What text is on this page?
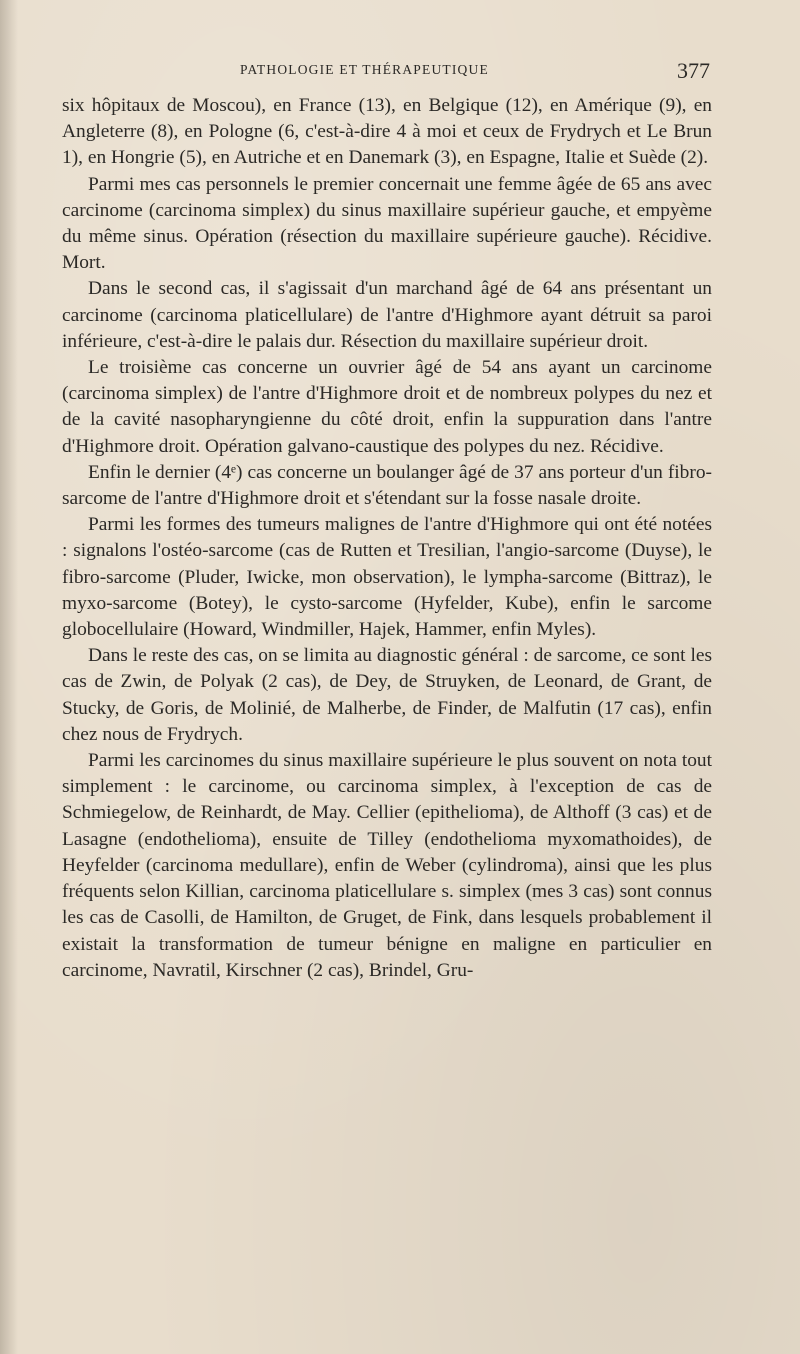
PATHOLOGIE ET THÉRAPEUTIQUE	377

six hôpitaux de Moscou), en France (13), en Belgique (12), en Amérique (9), en Angleterre (8), en Pologne (6, c'est-à-dire 4 à moi et ceux de Frydrych et Le Brun 1), en Hongrie (5), en Autriche et en Danemark (3), en Espagne, Italie et Suède (2).

Parmi mes cas personnels le premier concernait une femme âgée de 65 ans avec carcinome (carcinoma simplex) du sinus maxillaire supérieur gauche, et empyème du même sinus. Opération (résection du maxillaire supérieure gauche). Récidive. Mort.

Dans le second cas, il s'agissait d'un marchand âgé de 64 ans présentant un carcinome (carcinoma platicellulare) de l'antre d'Highmore ayant détruit sa paroi inférieure, c'est-à-dire le palais dur. Résection du maxillaire supérieur droit.

Le troisième cas concerne un ouvrier âgé de 54 ans ayant un carcinome (carcinoma simplex) de l'antre d'Highmore droit et de nombreux polypes du nez et de la cavité nasopharyngienne du côté droit, enfin la suppuration dans l'antre d'Highmore droit. Opération galvano-caustique des polypes du nez. Récidive.

Enfin le dernier (4ᵉ) cas concerne un boulanger âgé de 37 ans porteur d'un fibro-sarcome de l'antre d'Highmore droit et s'étendant sur la fosse nasale droite.

Parmi les formes des tumeurs malignes de l'antre d'Highmore qui ont été notées : signalons l'ostéo-sarcome (cas de Rutten et Tresilian, l'angio-sarcome (Duyse), le fibro-sarcome (Pluder, Iwicke, mon observation), le lympha-sarcome (Bittraz), le myxo-sarcome (Botey), le cysto-sarcome (Hyfelder, Kube), enfin le sarcome globocellulaire (Howard, Windmiller, Hajek, Hammer, enfin Myles).

Dans le reste des cas, on se limita au diagnostic général : de sarcome, ce sont les cas de Zwin, de Polyak (2 cas), de Dey, de Struyken, de Leonard, de Grant, de Stucky, de Goris, de Molinié, de Malherbe, de Finder, de Malfutin (17 cas), enfin chez nous de Frydrych.

Parmi les carcinomes du sinus maxillaire supérieure le plus souvent on nota tout simplement : le carcinome, ou carcinoma simplex, à l'exception de cas de Schmiegelow, de Reinhardt, de May. Cellier (epithelioma), de Althoff (3 cas) et de Lasagne (endothelioma), ensuite de Tilley (endothelioma myxomathoides), de Heyfelder (carcinoma medullare), enfin de Weber (cylindroma), ainsi que les plus fréquents selon Killian, carcinoma platicellulare s. simplex (mes 3 cas) sont connus les cas de Casolli, de Hamilton, de Gruget, de Fink, dans lesquels probablement il existait la transformation de tumeur bénigne en maligne en particulier en carcinome, Navratil, Kirschner (2 cas), Brindel, Gru-
